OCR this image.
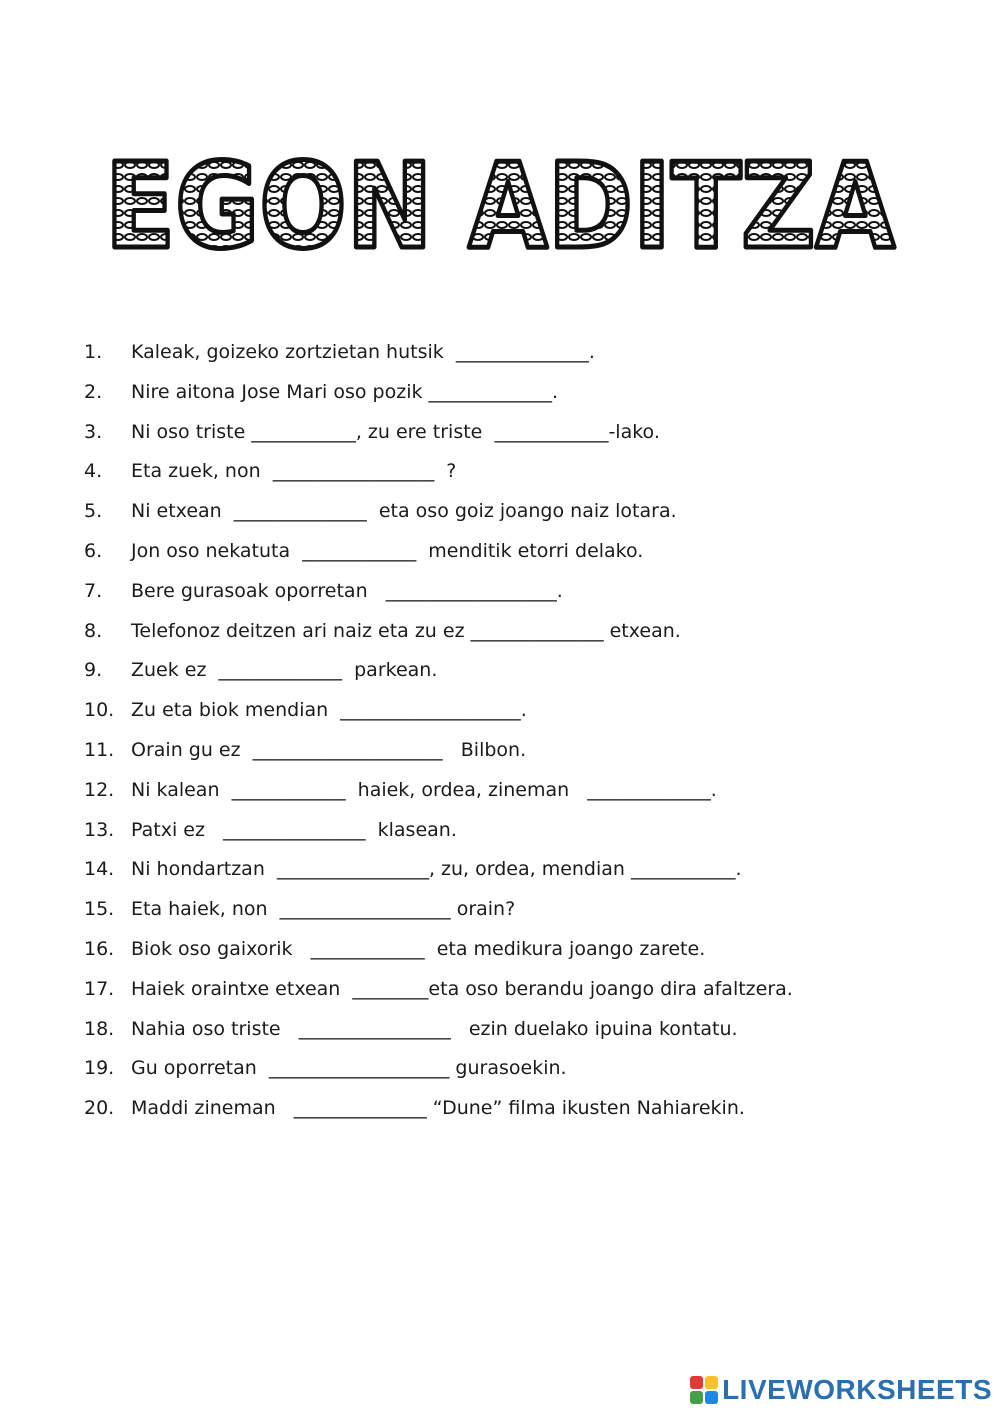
EGON ADITZA
1.	Kaleak, goizeko zortzietan hutsik  ______________.
2.	Nire aitona Jose Mari oso pozik _____________.
3.	Ni oso triste ___________, zu ere triste  ____________-lako.
4.	Eta zuek, non  _________________  ?
5.	Ni etxean  ______________  eta oso goiz joango naiz lotara.
6.	Jon oso nekatuta  ____________  menditik etorri delako.
7.	Bere gurasoak oporretan   __________________.
8.	Telefonoz deitzen ari naiz eta zu ez ______________ etxean.
9.	Zuek ez  _____________  parkean.
10. Zu eta biok mendian  ___________________.
11. Orain gu ez  ____________________   Bilbon.
12. Ni kalean  ____________  haiek, ordea, zineman   _____________.
13. Patxi ez   _______________  klasean.
14. Ni hondartzan  ________________, zu, ordea, mendian ___________.
15. Eta haiek, non  __________________ orain?
16. Biok oso gaixorik   ____________  eta medikura joango zarete.
17. Haiek oraintxe etxean  ________eta oso berandu joango dira afaltzera.
18. Nahia oso triste   ________________   ezin duelako ipuina kontatu.
19. Gu oporretan  ___________________ gurasoekin.
20. Maddi zineman   ______________ “Dune” filma ikusten Nahiarekin.
LIVEWORKSHEETS
